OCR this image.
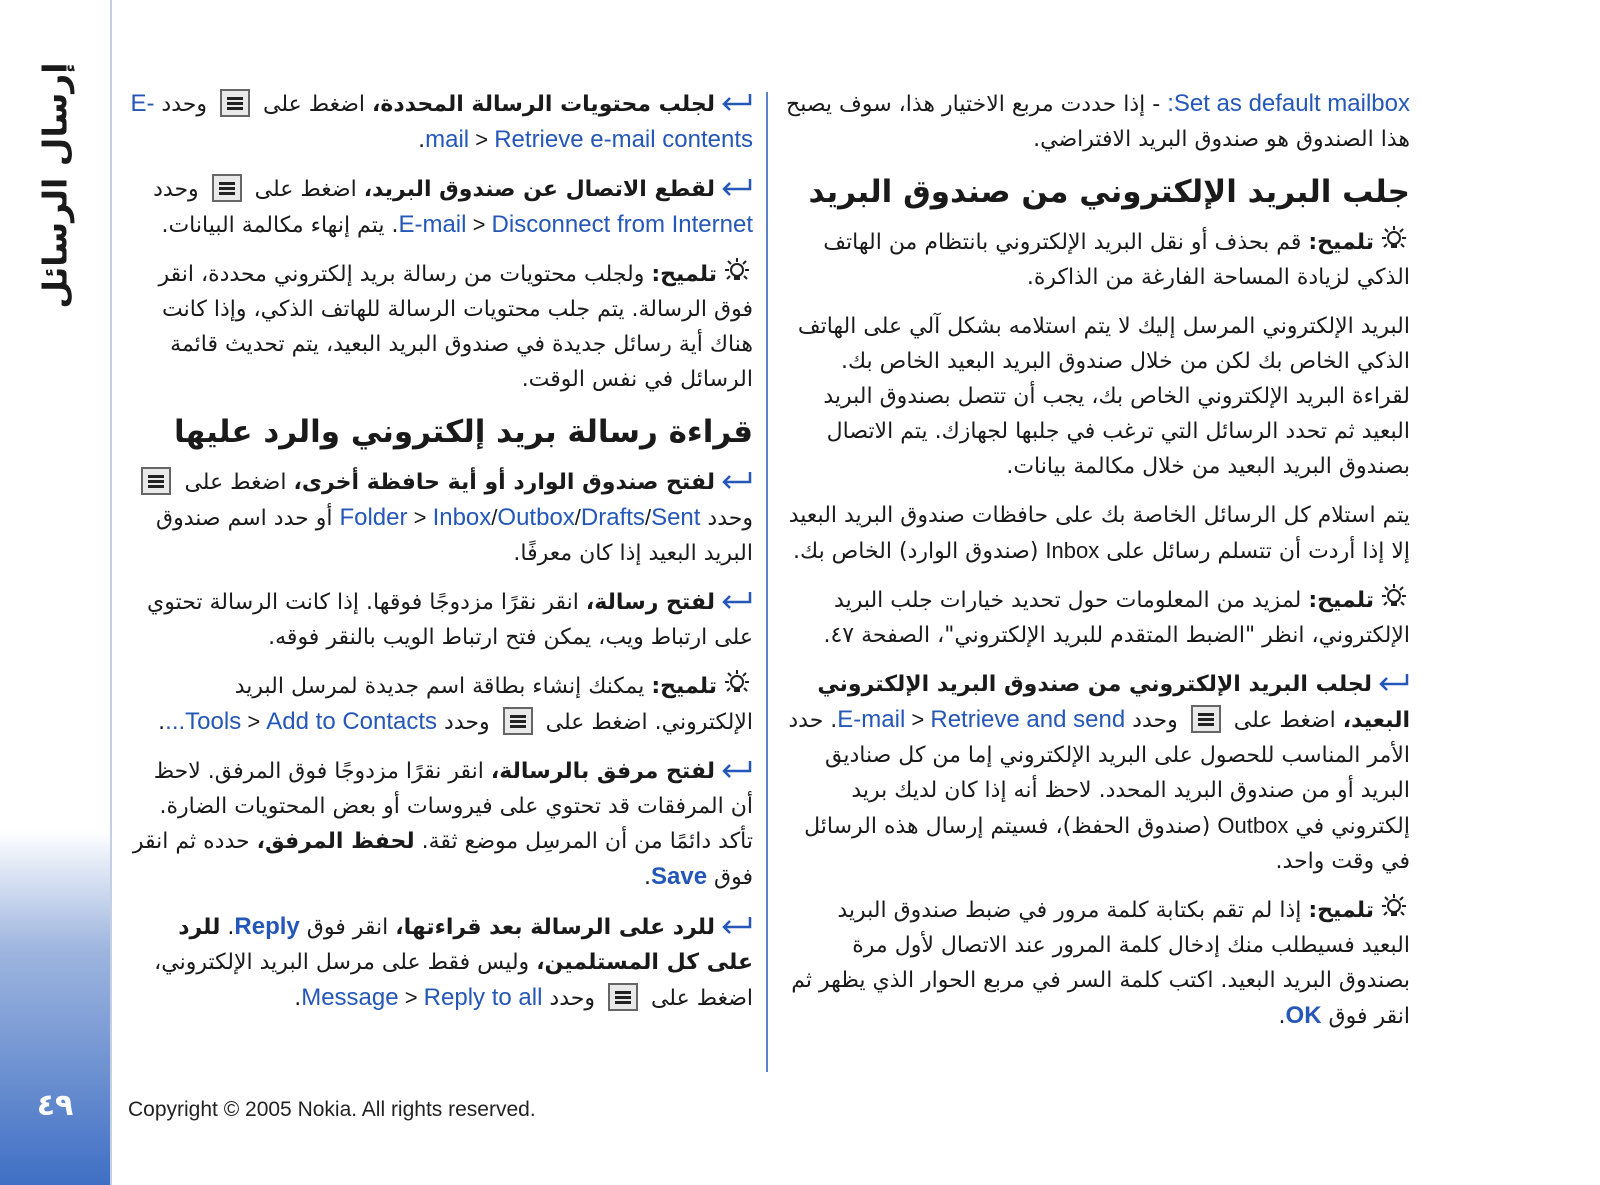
إرسال الرسائل
٤٩

Set as default mailbox: - إذا حددت مربع الاختيار هذا، سوف يصبح هذا الصندوق هو صندوق البريد الافتراضي.

جلب البريد الإلكتروني من صندوق البريد

تلميح: قم بحذف أو نقل البريد الإلكتروني بانتظام من الهاتف الذكي لزيادة المساحة الفارغة من الذاكرة.

البريد الإلكتروني المرسل إليك لا يتم استلامه بشكل آلي على الهاتف الذكي الخاص بك لكن من خلال صندوق البريد البعيد الخاص بك. لقراءة البريد الإلكتروني الخاص بك، يجب أن تتصل بصندوق البريد البعيد ثم تحدد الرسائل التي ترغب في جلبها لجهازك. يتم الاتصال بصندوق البريد البعيد من خلال مكالمة بيانات.

يتم استلام كل الرسائل الخاصة بك على حافظات صندوق البريد البعيد إلا إذا أردت أن تتسلم رسائل على Inbox (صندوق الوارد) الخاص بك.

تلميح: لمزيد من المعلومات حول تحديد خيارات جلب البريد الإلكتروني، انظر "الضبط المتقدم للبريد الإلكتروني"، الصفحة ٤٧.

لجلب البريد الإلكتروني من صندوق البريد الإلكتروني البعيد، اضغط على
وحدد E-mail > Retrieve and send. حدد الأمر المناسب للحصول على البريد الإلكتروني إما من كل صناديق البريد أو من صندوق البريد المحدد. لاحظ أنه إذا كان لديك بريد إلكتروني في Outbox (صندوق الحفظ)، فسيتم إرسال هذه الرسائل في وقت واحد.

تلميح: إذا لم تقم بكتابة كلمة مرور في ضبط صندوق البريد البعيد فسيطلب منك إدخال كلمة المرور عند الاتصال لأول مرة بصندوق البريد البعيد. اكتب كلمة السر في مربع الحوار الذي يظهر ثم انقر فوق OK.

لجلب محتويات الرسالة المحددة، اضغط على
وحدد E-mail > Retrieve e-mail contents.

لقطع الاتصال عن صندوق البريد، اضغط على
وحدد E-mail > Disconnect from Internet. يتم إنهاء مكالمة البيانات.

تلميح: ولجلب محتويات من رسالة بريد إلكتروني محددة، انقر فوق الرسالة. يتم جلب محتويات الرسالة للهاتف الذكي، وإذا كانت هناك أية رسائل جديدة في صندوق البريد البعيد، يتم تحديث قائمة الرسائل في نفس الوقت.

قراءة رسالة بريد إلكتروني والرد عليها

لفتح صندوق الوارد أو أية حافظة أخرى، اضغط على
وحدد Folder > Inbox/Outbox/Drafts/Sent أو حدد اسم صندوق البريد البعيد إذا كان معرفًا.

لفتح رسالة، انقر نقرًا مزدوجًا فوقها. إذا كانت الرسالة تحتوي على ارتباط ويب، يمكن فتح ارتباط الويب بالنقر فوقه.

تلميح: يمكنك إنشاء بطاقة اسم جديدة لمرسل البريد الإلكتروني. اضغط على
وحدد Tools > Add to Contacts....

لفتح مرفق بالرسالة، انقر نقرًا مزدوجًا فوق المرفق. لاحظ أن المرفقات قد تحتوي على فيروسات أو بعض المحتويات الضارة. تأكد دائمًا من أن المرسِل موضع ثقة. لحفظ المرفق، حدده ثم انقر فوق Save.

للرد على الرسالة بعد قراءتها، انقر فوق Reply. للرد على كل المستلمين، وليس فقط على مرسل البريد الإلكتروني، اضغط على
وحدد Message > Reply to all.

Copyright © 2005 Nokia. All rights reserved.
